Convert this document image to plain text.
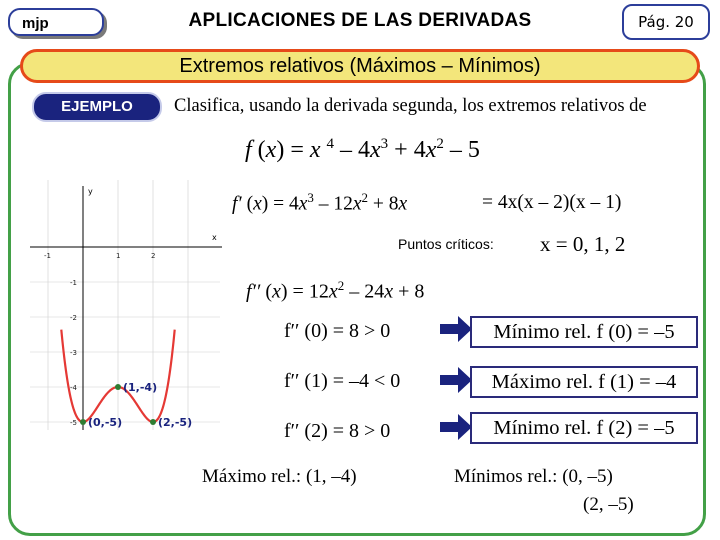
mjp	APLICACIONES DE LAS DERIVADAS	Pág. 20
Extremos relativos (Máximos – Mínimos)
EJEMPLO	Clasifica, usando la derivada segunda, los extremos relativos de
f (x) = x $^4 - 4x^3 + 4x^2 - 5$
f′ $(x) = 4x^3 - 12x^2 + 8x$	= 4x(x – 2)(x – 1)
Puntos críticos: x = 0, 1, 2
f′′ $(x) = 12x^2 - 24x + 8$
f′′ (0) = 8 > 0	Mínimo rel. f (0) = –5
f′′ (1) = –4 < 0	Máximo rel. f (1) = –4
f′′ (2) = 8 > 0	Mínimo rel. f (2) = –5
Máximo rel.: (1, –4)	Mínimos rel.: (0, –5)
(2, –5)
x
y
-1	1	2
-1
-2
-3
-4
-5
(1,-4)
(0,-5)	(2,-5)
